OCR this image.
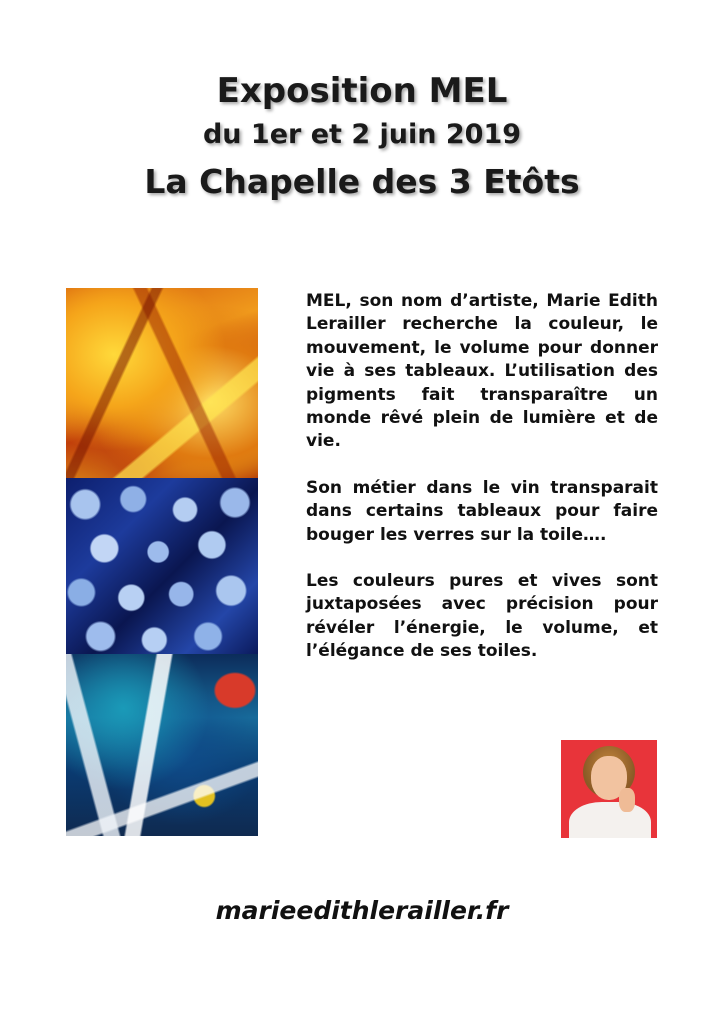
Exposition MEL
du 1er et 2 juin 2019
La Chapelle des 3 Etôts

MEL, son nom d’artiste, Marie Edith Lerailler recherche la couleur, le mouvement, le volume pour donner vie à ses tableaux. L’utilisation des pigments fait transparaître un monde rêvé plein de lumière et de vie.

Son métier dans le vin transparait dans certains tableaux pour faire bouger les verres sur la toile….

Les couleurs pures et vives sont juxtaposées avec précision pour révéler l’énergie, le volume, et l’élégance de ses toiles.

marieedithlerailler.fr
